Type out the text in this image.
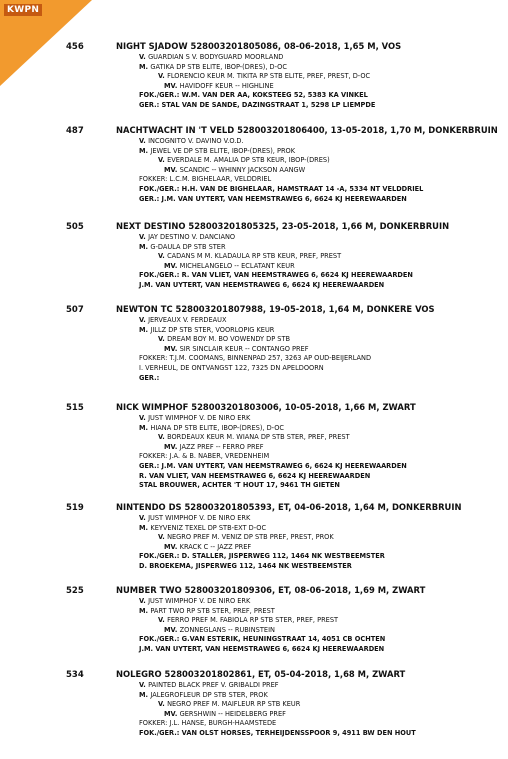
KWPN
456	NIGHT SJADOW 528003201805086, 08-06-2018, 1,65 M, VOS
V. GUARDIAN S V. BODYGUARD MOORLAND
M. GATIKA DP STB ELITE, IBOP-(DRES), D-OC
V. FLORENCIO KEUR M. TIKITA RP STB ELITE, PREF, PREST, D-OC
MV. HAVIDOFF KEUR -- HIGHLINE
FOK./GER.: W.M. VAN DER AA, KOKSTEEG 52, 5383 KA VINKEL
GER.: STAL VAN DE SANDE, DAZINGSTRAAT 1, 5298 LP LIEMPDE
487	NACHTWACHT IN 'T VELD 528003201806400, 13-05-2018, 1,70 M, DONKERBRUIN
V. INCOGNITO V. DAVINO V.O.D.
M. JEWEL VE DP STB ELITE, IBOP-(DRES), PROK
V. EVERDALE M. AMALIA DP STB KEUR, IBOP-(DRES)
MV. SCANDIC -- WHINNY JACKSON AANGW
FOKKER: L.C.M. BIGHELAAR, VELDDRIEL
FOK./GER.: H.H. VAN DE BIGHELAAR, HAMSTRAAT 14 -A, 5334 NT VELDDRIEL
GER.: J.M. VAN UYTERT, VAN HEEMSTRAWEG 6, 6624 KJ HEEREWAARDEN
505	NEXT DESTINO 528003201805325, 23-05-2018, 1,66 M, DONKERBRUIN
V. JAY DESTINO V. DANCIANO
M. G-DAULA DP STB STER
V. CADANS M M. KLADAULA RP STB KEUR, PREF, PREST
MV. MICHELANGELO -- ECLATANT KEUR
FOK./GER.: R. VAN VLIET, VAN HEEMSTRAWEG 6, 6624 KJ HEEREWAARDEN
J.M. VAN UYTERT, VAN HEEMSTRAWEG 6, 6624 KJ HEEREWAARDEN
507	NEWTON TC 528003201807988, 19-05-2018, 1,64 M, DONKERE VOS
V. JERVEAUX V. FERDEAUX
M. JILLZ DP STB STER, VOORLOPIG KEUR
V. DREAM BOY M. BO VOWENDY DP STB
MV. SIR SINCLAIR KEUR -- CONTANGO PREF
FOKKER: T.J.M. COOMANS, BINNENPAD 257, 3263 AP OUD-BEIJERLAND
I. VERHEUL, DE ONTVANGST 122, 7325 DN APELDOORN
GER.:
515	NICK WIMPHOF 528003201803006, 10-05-2018, 1,66 M, ZWART
V. JUST WIMPHOF V. DE NIRO ERK
M. HIANA DP STB ELITE, IBOP-(DRES), D-OC
V. BORDEAUX KEUR M. WIANA DP STB STER, PREF, PREST
MV. JAZZ PREF -- FERRO PREF
FOKKER: J.A. & B. NABER, VREDENHEIM
GER.: J.M. VAN UYTERT, VAN HEEMSTRAWEG 6, 6624 KJ HEEREWAARDEN
R. VAN VLIET, VAN HEEMSTRAWEG 6, 6624 KJ HEEREWAARDEN
STAL BROUWER, ACHTER 'T HOUT 17, 9461 TH GIETEN
519	NINTENDO DS 528003201805393, ET, 04-06-2018, 1,64 M, DONKERBRUIN
V. JUST WIMPHOF V. DE NIRO ERK
M. KEYVENIZ TEXEL DP STB-EXT D-OC
V. NEGRO PREF M. VENIZ DP STB PREF, PREST, PROK
MV. KRACK C -- JAZZ PREF
FOK./GER.: D. STALLER, JISPERWEG 112, 1464 NK WESTBEEMSTER
D. BROEKEMA, JISPERWEG 112, 1464 NK WESTBEEMSTER
525	NUMBER TWO 528003201809306, ET, 08-06-2018, 1,69 M, ZWART
V. JUST WIMPHOF V. DE NIRO ERK
M. PART TWO RP STB STER, PREF, PREST
V. FERRO PREF M. FABIOLA RP STB STER, PREF, PREST
MV. ZONNEGLANS -- RUBINSTEIN
FOK./GER.: G.VAN ESTERIK, HEUNINGSTRAAT 14, 4051 CB OCHTEN
J.M. VAN UYTERT, VAN HEEMSTRAWEG 6, 6624 KJ HEEREWAARDEN
534	NOLEGRO 528003201802861, ET, 05-04-2018, 1,68 M, ZWART
V. PAINTED BLACK PREF V. GRIBALDI PREF
M. JALEGROFLEUR DP STB STER, PROK
V. NEGRO PREF M. MAIFLEUR RP STB KEUR
MV. GERSHWIN -- HEIDELBERG PREF
FOKKER: J.L. HANSE, BURGH-HAAMSTEDE
FOK./GER.: VAN OLST HORSES, TERHEIJDENSSPOOR 9, 4911 BW DEN HOUT
